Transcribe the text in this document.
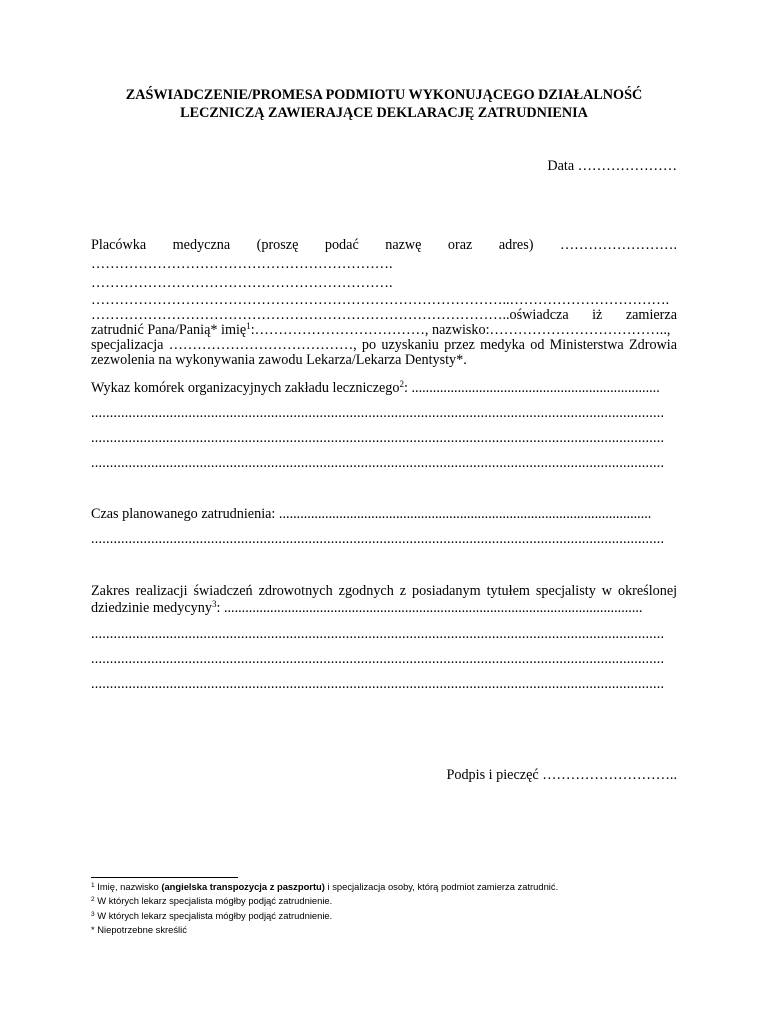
ZAŚWIADCZENIE/PROMESA PODMIOTU WYKONUJĄCEGO DZIAŁALNOŚĆ
LECZNICZĄ ZAWIERAJĄCE DEKLARACJĘ ZATRUDNIENIA
Data …………………
Placówka medyczna (proszę podać nazwę oraz adres) …………………….
……………………………………………………….
……………………………………………………….
……………………………………………………………………………..…………………………….
……………………………………………………………………………..oświadcza iż zamierza
zatrudnić Pana/Panią* imię$^1$:………………………………, nazwisko:………………………………..,
specjalizacja …………………………………, po uzyskaniu przez medyka od Ministerstwa Zdrowia
zezwolenia na wykonywania zawodu Lekarza/Lekarza Dentysty*.
Wykaz komórek organizacyjnych zakładu leczniczego$^2$: ......................................................................
.........................................................................................................................................................
.........................................................................................................................................................
.........................................................................................................................................................
Czas planowanego zatrudnienia: .........................................................................................................
.........................................................................................................................................................
Zakres realizacji świadczeń zdrowotnych zgodnych z posiadanym tytułem specjalisty w określonej
dziedzinie medycyny$^3$: ......................................................................................................................
.........................................................................................................................................................
.........................................................................................................................................................
.........................................................................................................................................................
Podpis i pieczęć ………………………..
$^1$ Imię, nazwisko (angielska transpozycja z paszportu) i specjalizacja osoby, którą podmiot zamierza zatrudnić.
$^2$ W których lekarz specjalista mógłby podjąć zatrudnienie.
$^3$ W których lekarz specjalista mógłby podjąć zatrudnienie.
* Niepotrzebne skreślić
